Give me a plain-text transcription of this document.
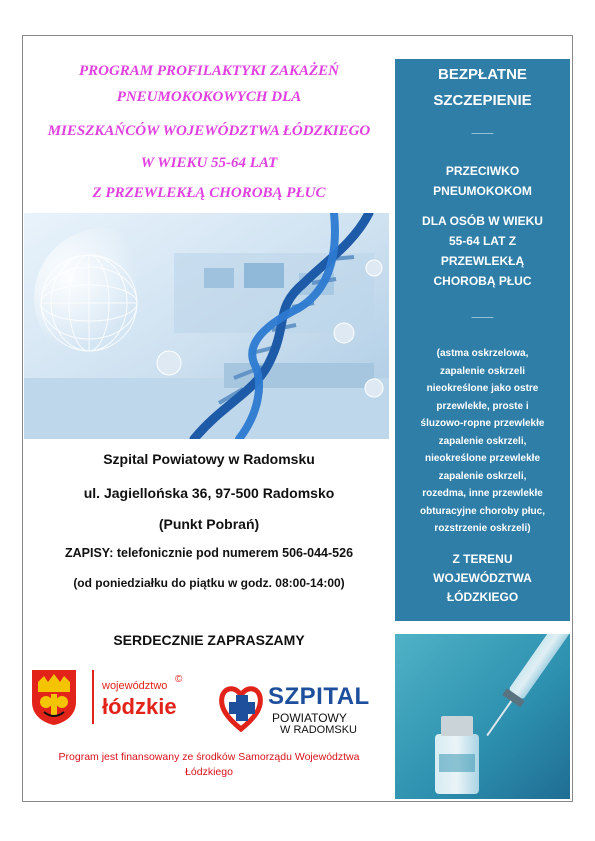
PROGRAM PROFILAKTYKI ZAKAŻEŃ
PNEUMOKOKOWYCH DLA
MIESZKAŃCÓW WOJEWÓDZTWA ŁÓDZKIEGO
W WIEKU 55-64 LAT
Z PRZEWLEKŁĄ CHOROBĄ PŁUC
Szpital Powiatowy w Radomsku
ul. Jagiellońska 36, 97-500 Radomsko
(Punkt Pobrań)
ZAPISY: telefonicznie pod numerem 506-044-526
(od poniedziałku do piątku w godz. 08:00-14:00)
SERDECZNIE ZAPRASZAMY
województwo
©
łódzkie	SZPITAL
POWIATOWY
W RADOMSKU
Program jest finansowany ze środków Samorządu Województwa
Łódzkiego
BEZPŁATNE
SZCZEPIENIE
___
PRZECIWKO
PNEUMOKOKOM
DLA OSÓB W WIEKU
55-64 LAT Z
PRZEWLEKŁĄ
CHOROBĄ PŁUC
___
(astma oskrzelowa,
zapalenie oskrzeli
nieokreślone jako ostre
przewlekłe, proste i
śluzowo-ropne przewlekłe
zapalenie oskrzeli,
nieokreślone przewlekłe
zapalenie oskrzeli,
rozedma, inne przewlekłe
obturacyjne choroby płuc,
rozstrzenie oskrzeli)
Z TERENU
WOJEWÓDZTWA
ŁÓDZKIEGO
